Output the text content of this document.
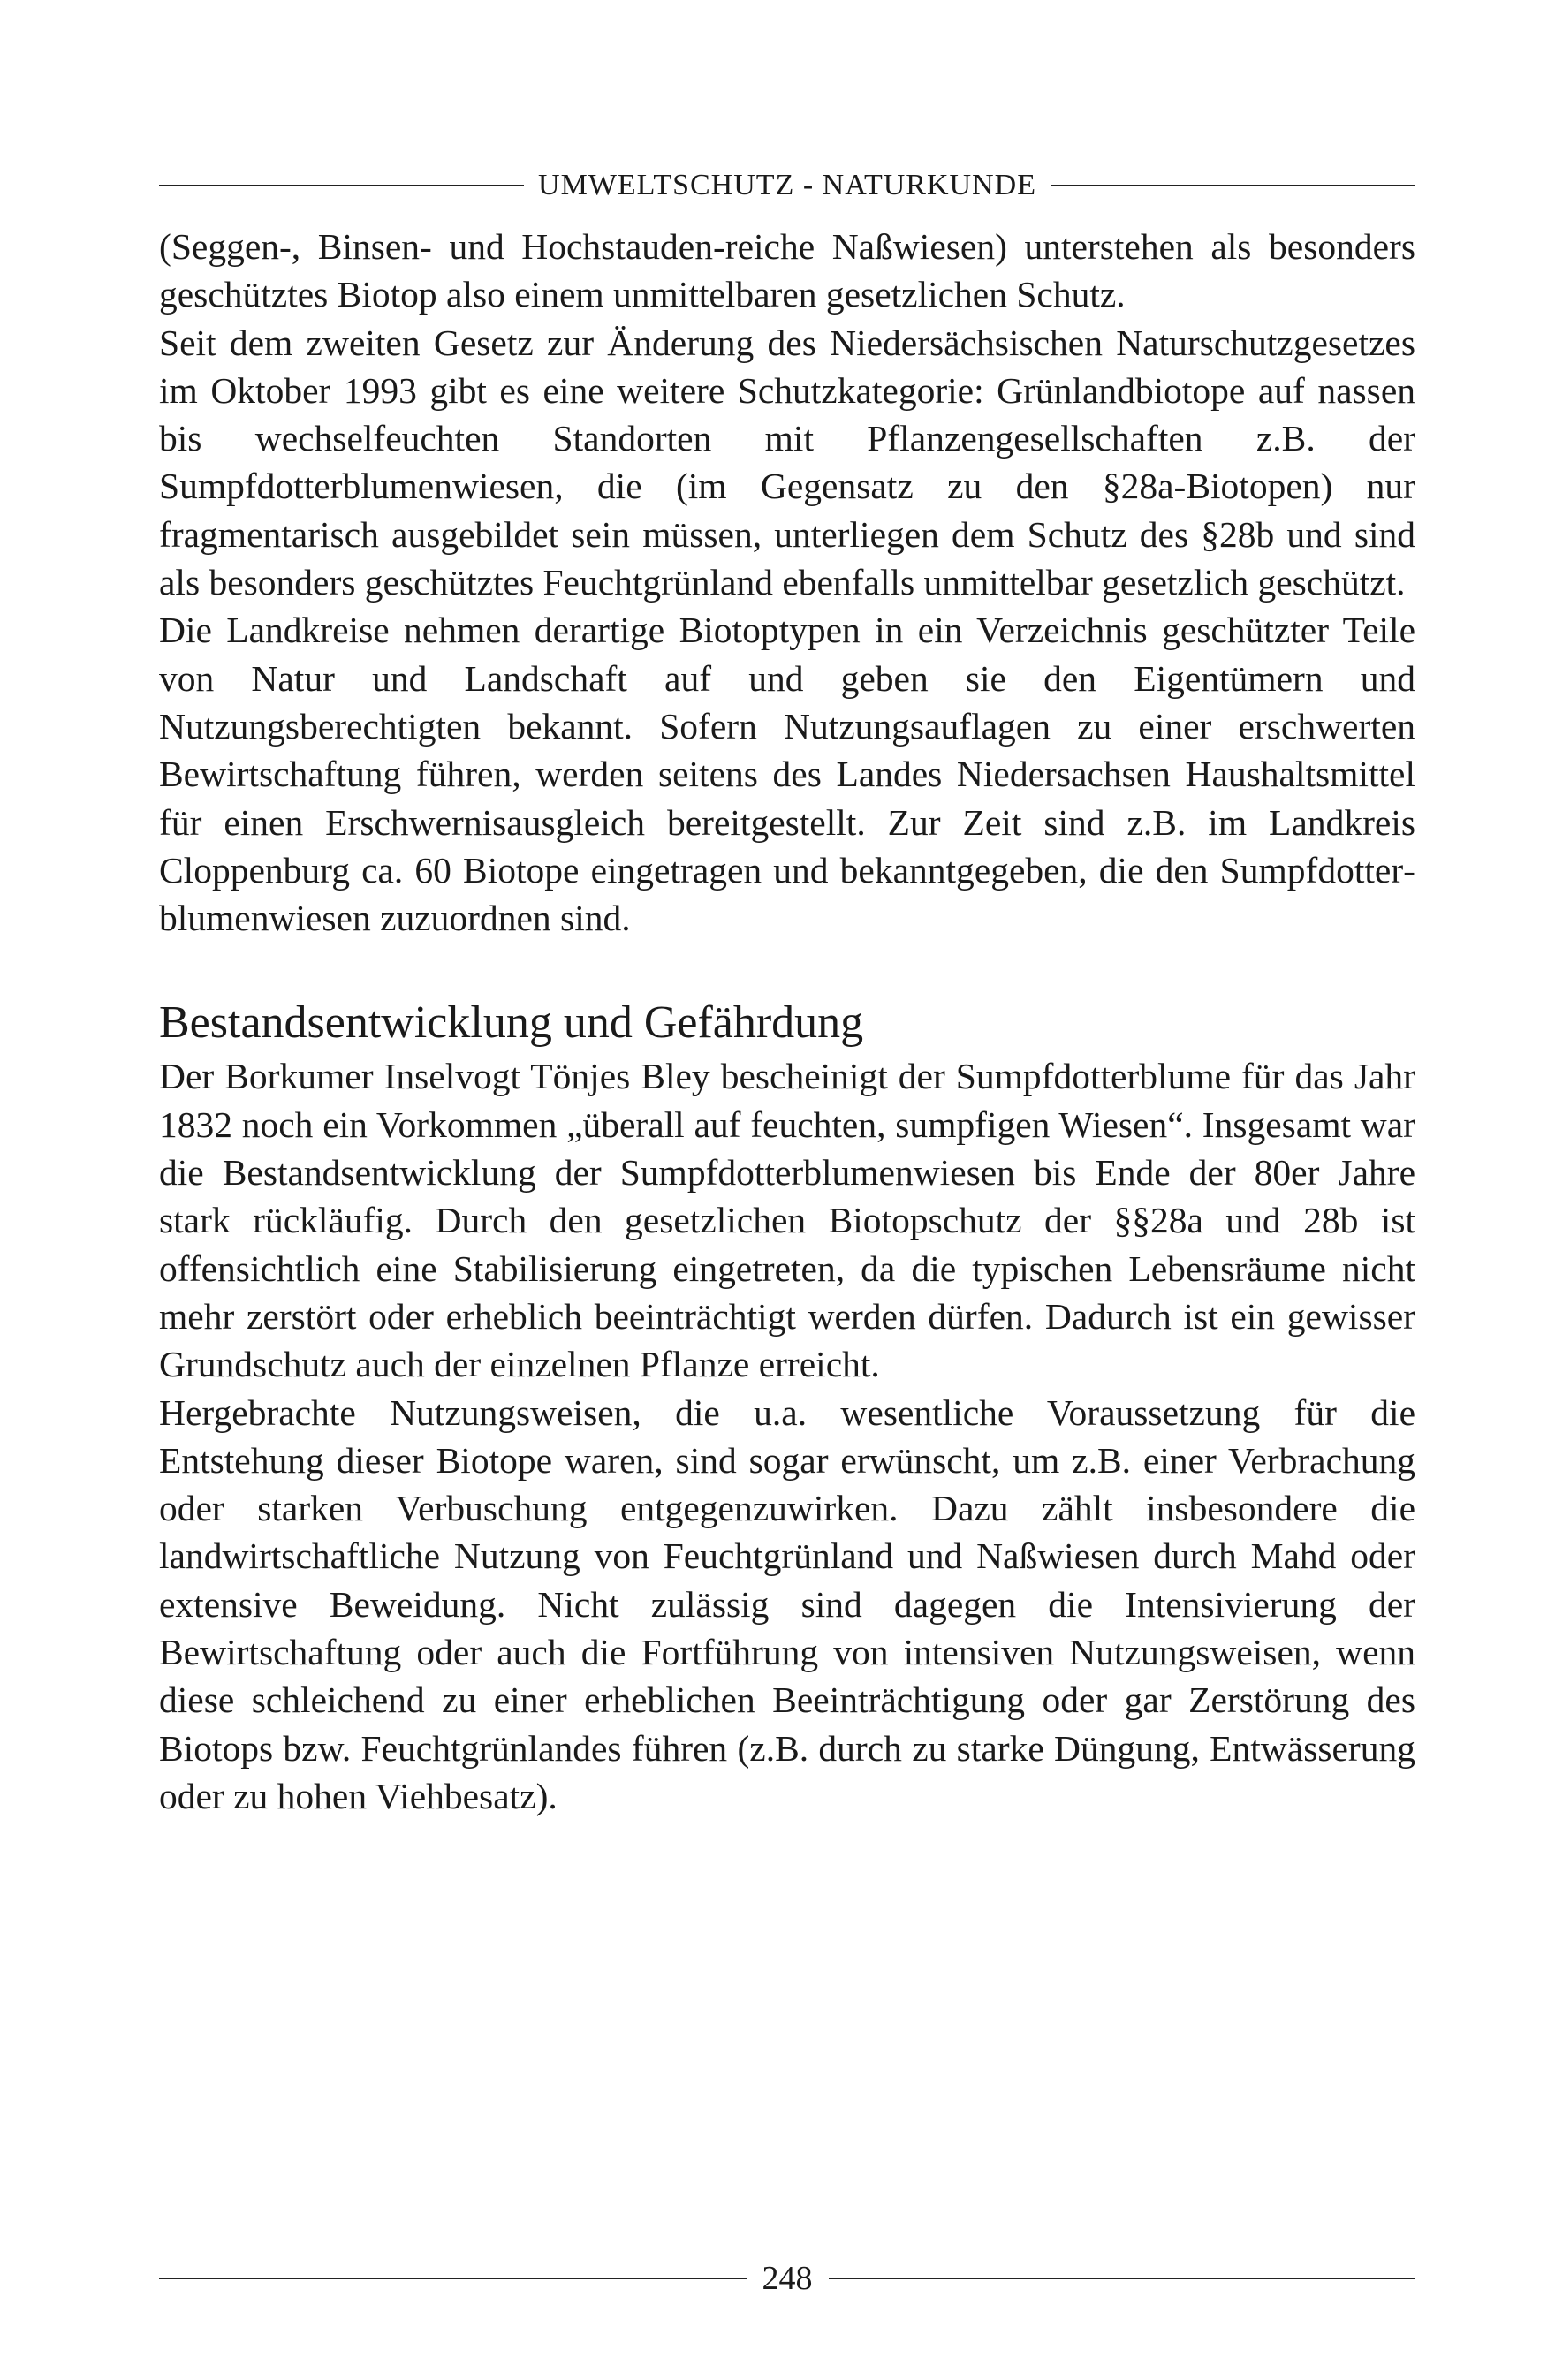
UMWELTSCHUTZ - NATURKUNDE

(Seggen-, Binsen- und Hochstauden-reiche Naßwiesen) unterstehen als besonders geschütztes Biotop also einem unmittelbaren gesetzlichen Schutz.

Seit dem zweiten Gesetz zur Änderung des Niedersächsischen Naturschutzgesetzes im Oktober 1993 gibt es eine weitere Schutzkategorie: Grünlandbiotope auf nassen bis wechselfeuchten Standorten mit Pflanzengesellschaften z.B. der Sumpfdotterblumenwiesen, die (im Gegensatz zu den §28a-Biotopen) nur fragmentarisch ausgebildet sein müssen, unterliegen dem Schutz des §28b und sind als besonders geschütztes Feuchtgrünland ebenfalls unmittelbar gesetzlich geschützt.

Die Landkreise nehmen derartige Biotoptypen in ein Verzeichnis geschützter Teile von Natur und Landschaft auf und geben sie den Eigentümern und Nutzungsberechtigten bekannt. Sofern Nutzungsauflagen zu einer erschwerten Bewirtschaftung führen, werden seitens des Landes Niedersachsen Haushaltsmittel für einen Erschwernisausgleich bereitgestellt. Zur Zeit sind z.B. im Landkreis Cloppenburg ca. 60 Biotope eingetragen und bekanntgegeben, die den Sumpfdotterblumenwiesen zuzuordnen sind.

Bestandsentwicklung und Gefährdung

Der Borkumer Inselvogt Tönjes Bley bescheinigt der Sumpfdotterblume für das Jahr 1832 noch ein Vorkommen „überall auf feuchten, sumpfigen Wiesen“. Insgesamt war die Bestandsentwicklung der Sumpfdotterblumenwiesen bis Ende der 80er Jahre stark rückläufig. Durch den gesetzlichen Biotopschutz der §§28a und 28b ist offensichtlich eine Stabilisierung eingetreten, da die typischen Lebensräume nicht mehr zerstört oder erheblich beeinträchtigt werden dürfen. Dadurch ist ein gewisser Grundschutz auch der einzelnen Pflanze erreicht.

Hergebrachte Nutzungsweisen, die u.a. wesentliche Voraussetzung für die Entstehung dieser Biotope waren, sind sogar erwünscht, um z.B. einer Verbrachung oder starken Verbuschung entgegenzuwirken. Dazu zählt insbesondere die landwirtschaftliche Nutzung von Feuchtgrünland und Naßwiesen durch Mahd oder extensive Beweidung. Nicht zulässig sind dagegen die Intensivierung der Bewirtschaftung oder auch die Fortführung von intensiven Nutzungsweisen, wenn diese schleichend zu einer erheblichen Beeinträchtigung oder gar Zerstörung des Biotops bzw. Feuchtgrünlandes führen (z.B. durch zu starke Düngung, Entwässerung oder zu hohen Viehbesatz).

248
